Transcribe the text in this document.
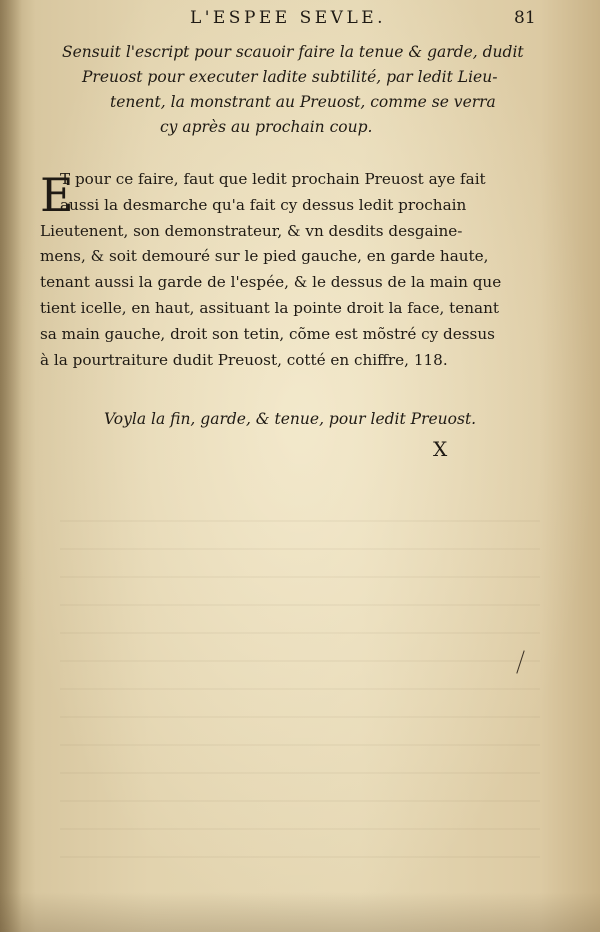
L'ESPEE SEVLE.	81
Sensuit l'escript pour scauoir faire la tenue & garde, dudit
Preuost pour executer ladite subtilité, par ledit Lieu-
tenent, la monstrant au Preuost, comme se verra
cy après au prochain coup.
E
T pour ce faire, faut que ledit prochain Preuost aye fait
aussi la desmarche qu'a fait cy dessus ledit prochain
Lieutenent, son demonstrateur, & vn desdits desgaine-
mens, & soit demouré sur le pied gauche, en garde haute,
tenant aussi la garde de l'espée, & le dessus de la main que
tient icelle, en haut, assituant la pointe droit la face, tenant
sa main gauche, droit son tetin, cõme est mõstré cy dessus
à la pourtraiture dudit Preuost, cotté en chiffre, 118.
Voyla la fin, garde, & tenue, pour ledit Preuost.
X
